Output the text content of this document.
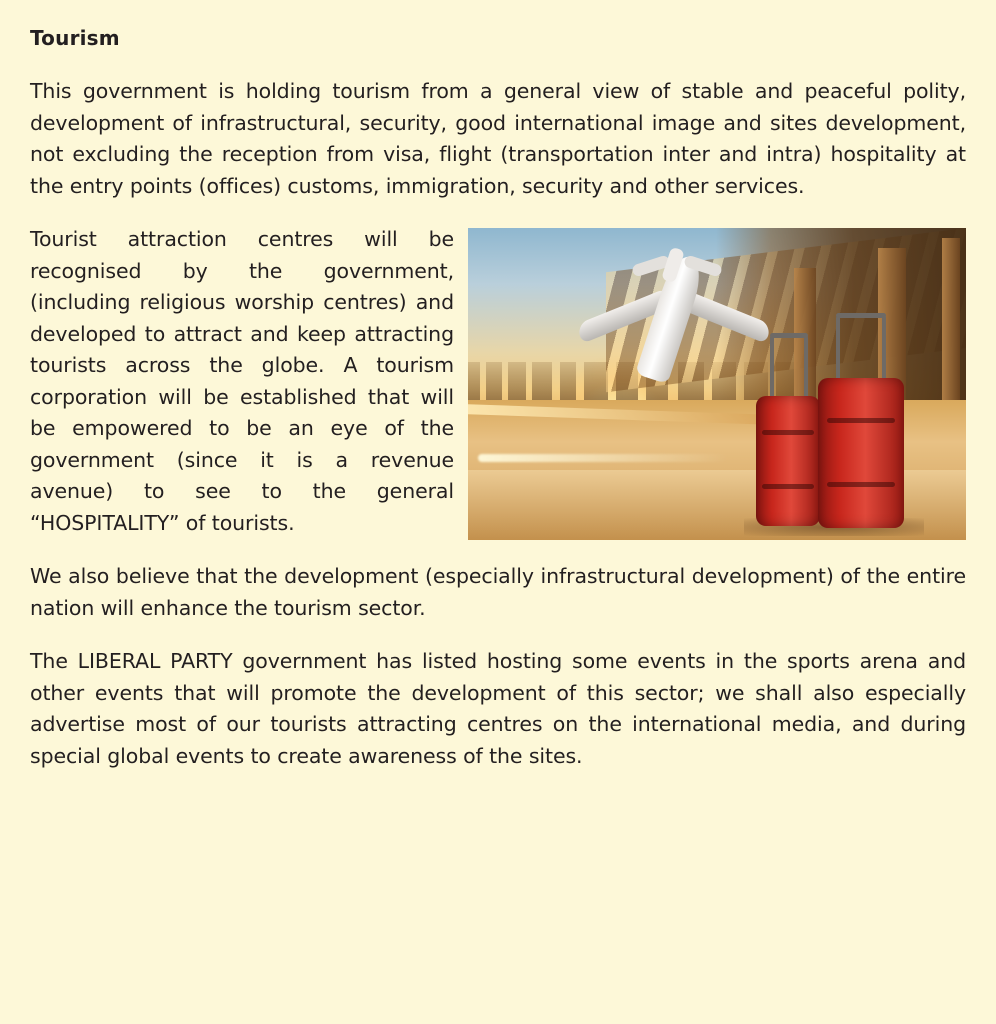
Tourism

This government is holding tourism from a general view of stable and peaceful polity, development of infrastructural, security, good international image and sites development, not excluding the reception from visa, flight (transportation inter and intra) hospitality at the entry points (offices) customs, immigration, security and other services.

Tourist attraction centres will be recognised by the government, (including religious worship centres) and developed to attract and keep attracting tourists across the globe. A tourism corporation will be established that will be empowered to be an eye of the government (since it is a revenue avenue) to see to the general “HOSPITALITY” of tourists.

We also believe that the development (especially infrastructural development) of the entire nation will enhance the tourism sector.

The LIBERAL PARTY government has listed hosting some events in the sports arena and other events that will promote the development of this sector; we shall also especially advertise most of our tourists attracting centres on the international media, and during special global events to create awareness of the sites.
